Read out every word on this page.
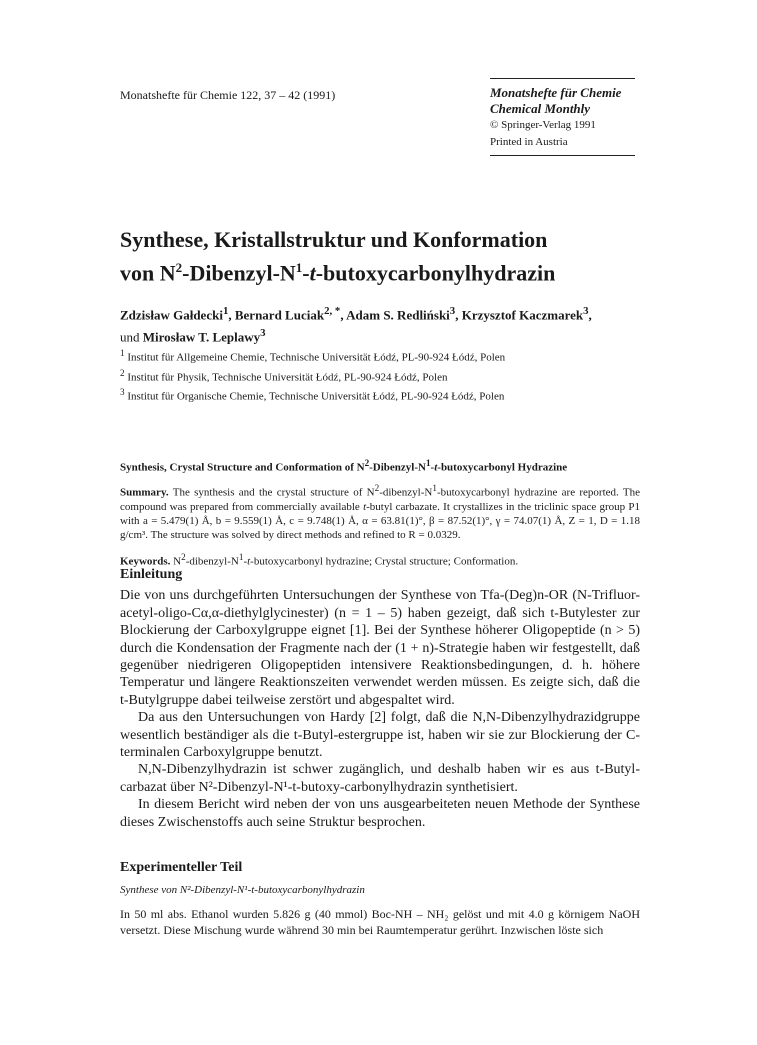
Monatshefte für Chemie 122, 37 – 42 (1991)	Monatshefte für Chemie
Chemical Monthly
© Springer-Verlag 1991
Printed in Austria
Synthese, Kristallstruktur und Konformation
von $N^2-Dibenzyl-N^1-t$-butoxycarbonylhydrazin
Zdzisław Gałdecki$^1$, Bernard Luciak$^{2, *}$, Adam S. Redliński$^3$, Krzysztof Kaczmarek$^3$,
und Mirosław T. Leplawy$^3$
$^1$ Institut für Allgemeine Chemie, Technische Universität Łódź, PL-90-924 Łódź, Polen
$^2$ Institut für Physik, Technische Universität Łódź, PL-90-924 Łódź, Polen
$^3$ Institut für Organische Chemie, Technische Universität Łódź, PL-90-924 Łódź, Polen
Synthesis, Crystal Structure and Conformation of $N^2-Dibenzyl-N^1-t$-butoxycarbonyl Hydrazine
Summary. The synthesis and the crystal structure of $N^2-dibenzyl-N^1$-butoxycarbonyl hydrazine are reported. The compound was prepared from commercially available t-butyl carbazate. It crystallizes in the triclinic space group P1 with a = 5.479(1) Å, b = 9.559(1) Å, c = 9.748(1) Å, α = 63.81(1)°, β = 87.52(1)°, γ = 74.07(1) Å, Z = 1, D = 1.18 g/cm³. The structure was solved by direct methods and refined to R = 0.0329.
Keywords. $N^2-dibenzyl-N^1-t$-butoxycarbonyl hydrazine; Crystal structure; Conformation.
Einleitung

Die von uns durchgeführten Untersuchungen der Synthese von Tfa-(Deg)n-OR (N-Trifluor-acetyl-oligo-Cα,α-diethylglycinester) (n = 1 – 5) haben gezeigt, daß sich t-Butylester zur Blockierung der Carboxylgruppe eignet [1]. Bei der Synthese höherer Oligopeptide (n > 5) durch die Kondensation der Fragmente nach der (1 + n)-Strategie haben wir festgestellt, daß gegenüber niedrigeren Oligopeptiden intensivere Reaktionsbedingungen, d. h. höhere Temperatur und längere Reaktionszeiten verwendet werden müssen. Es zeigte sich, daß die t-Butylgruppe dabei teilweise zerstört und abgespaltet wird.

Da aus den Untersuchungen von Hardy [2] folgt, daß die N,N-Dibenzylhydrazidgruppe wesentlich beständiger als die t-Butyl-estergruppe ist, haben wir sie zur Blockierung der C-terminalen Carboxylgruppe benutzt.

N,N-Dibenzylhydrazin ist schwer zugänglich, und deshalb haben wir es aus t-Butyl-carbazat über N²-Dibenzyl-N¹-t-butoxy-carbonylhydrazin synthetisiert.

In diesem Bericht wird neben der von uns ausgearbeiteten neuen Methode der Synthese dieses Zwischenstoffs auch seine Struktur besprochen.

Experimenteller Teil
Synthese von N²-Dibenzyl-N¹-t-butoxycarbonylhydrazin
In 50 ml abs. Ethanol wurden 5.826 g (40 mmol) Boc-NH – NH₂ gelöst und mit 4.0 g körnigem NaOH versetzt. Diese Mischung wurde während 30 min bei Raumtemperatur gerührt. Inzwischen löste sich
